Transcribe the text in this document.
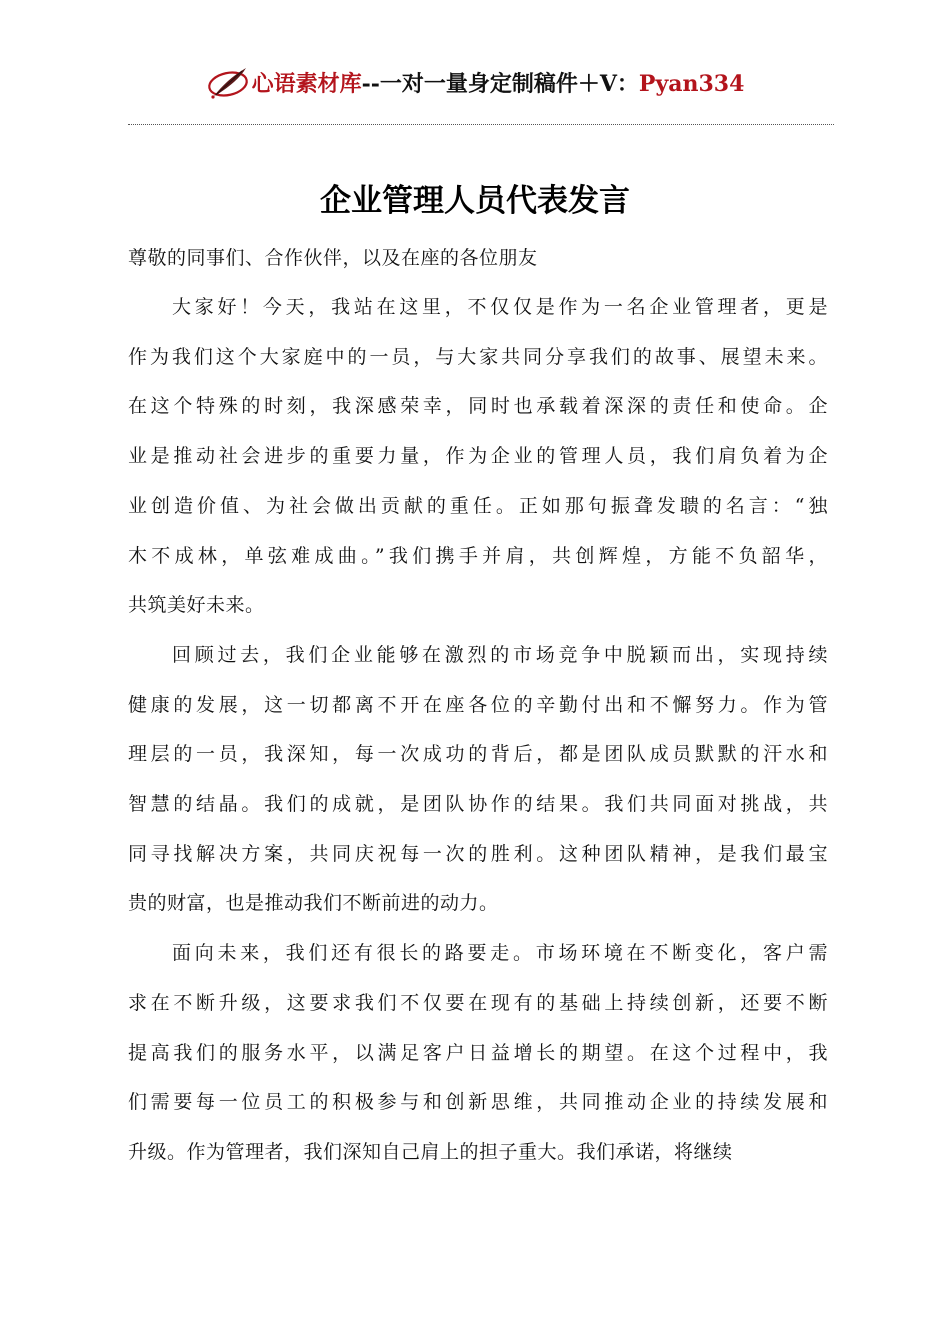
心语素材库--一对一量身定制稿件＋V：Pyan334
企业管理人员代表发言

尊敬的同事们、合作伙伴，以及在座的各位朋友

大家好！今天，我站在这里，不仅仅是作为一名企业管理者，更是
作为我们这个大家庭中的一员，与大家共同分享我们的故事、展望未来。
在这个特殊的时刻，我深感荣幸，同时也承载着深深的责任和使命。企
业是推动社会进步的重要力量，作为企业的管理人员，我们肩负着为企
业创造价值、为社会做出贡献的重任。正如那句振聋发聩的名言：“独
木不成林，单弦难成曲。”我们携手并肩，共创辉煌，方能不负韶华，
共筑美好未来。

回顾过去，我们企业能够在激烈的市场竞争中脱颖而出，实现持续
健康的发展，这一切都离不开在座各位的辛勤付出和不懈努力。作为管
理层的一员，我深知，每一次成功的背后，都是团队成员默默的汗水和
智慧的结晶。我们的成就，是团队协作的结果。我们共同面对挑战，共
同寻找解决方案，共同庆祝每一次的胜利。这种团队精神，是我们最宝
贵的财富，也是推动我们不断前进的动力。

面向未来，我们还有很长的路要走。市场环境在不断变化，客户需
求在不断升级，这要求我们不仅要在现有的基础上持续创新，还要不断
提高我们的服务水平，以满足客户日益增长的期望。在这个过程中，我
们需要每一位员工的积极参与和创新思维，共同推动企业的持续发展和
升级。作为管理者，我们深知自己肩上的担子重大。我们承诺，将继续
